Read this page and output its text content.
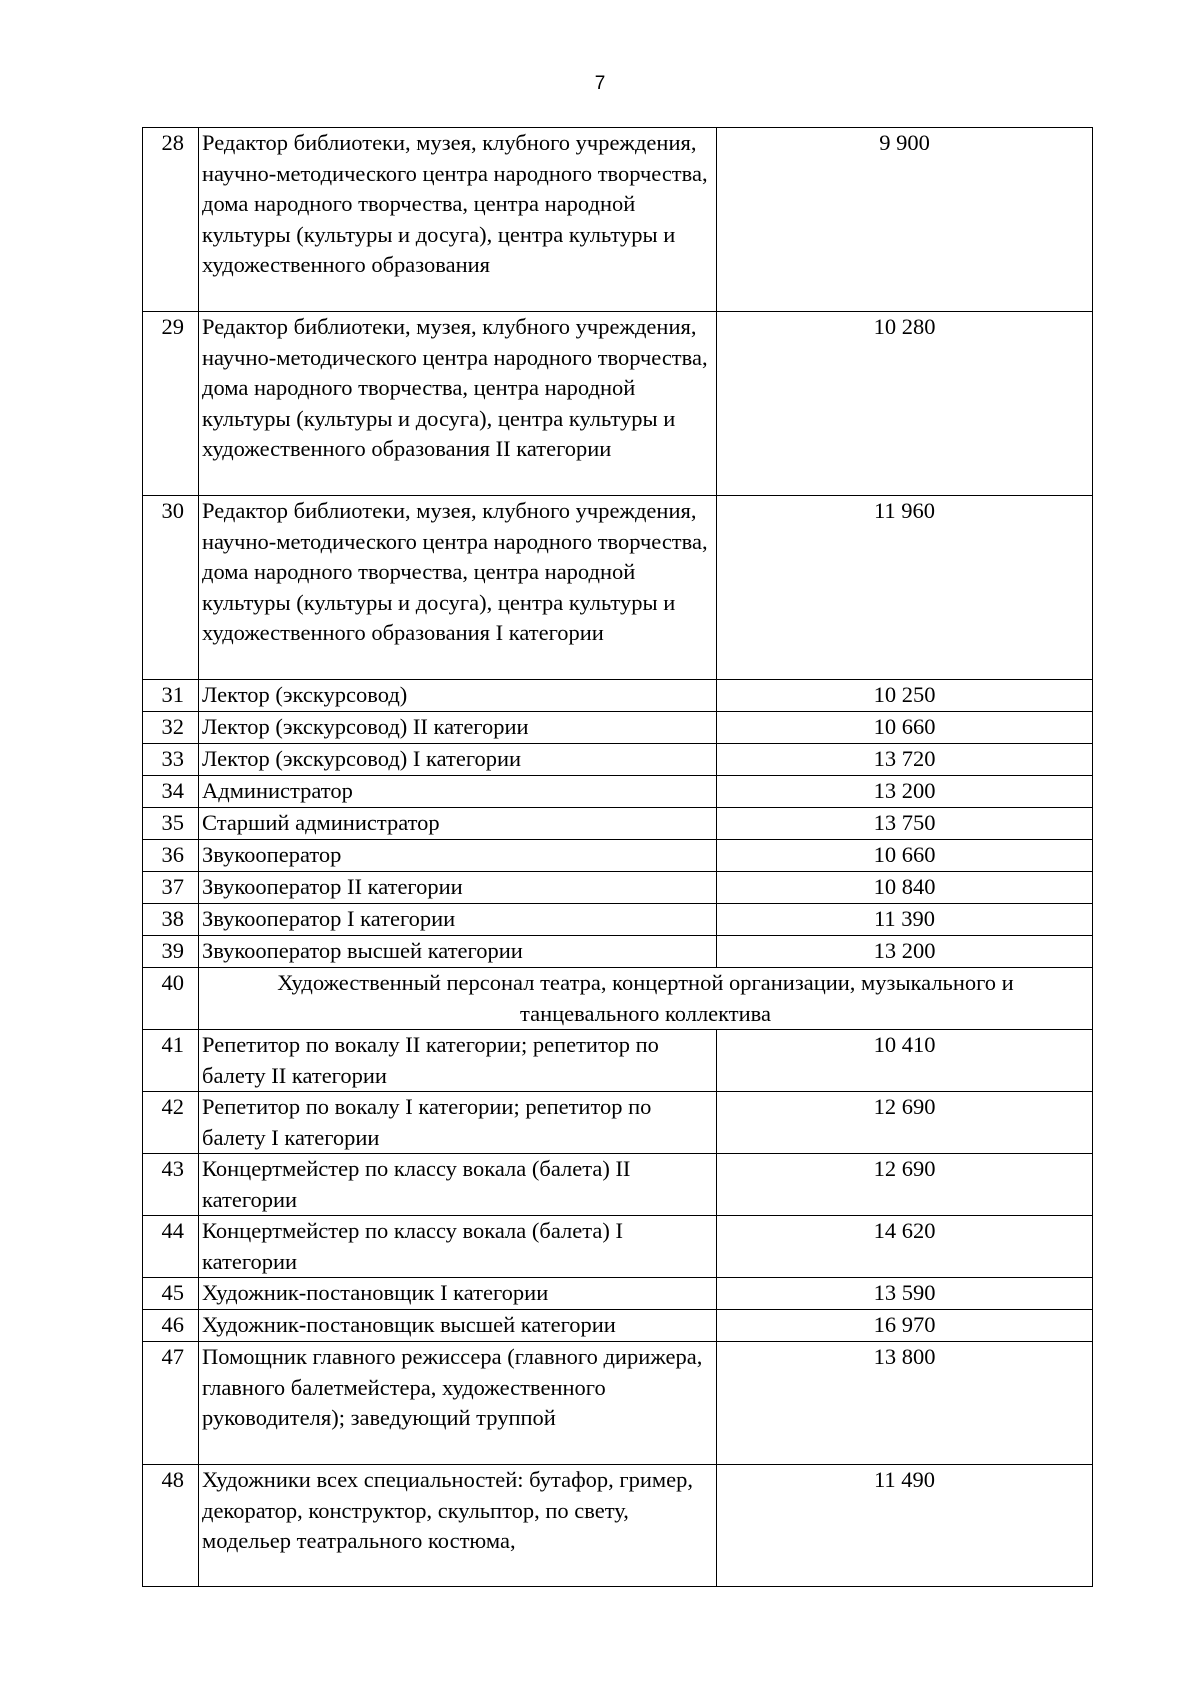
7
28	Редактор библиотеки, музея, клубного учреждения, научно-методического центра народного творчества, дома народного творчества, центра народной культуры (культуры и досуга), центра культуры и художественного образования	9 900
29	Редактор библиотеки, музея, клубного учреждения, научно-методического центра народного творчества, дома народного творчества, центра народной культуры (культуры и досуга), центра культуры и художественного образования II категории	10 280
30	Редактор библиотеки, музея, клубного учреждения, научно-методического центра народного творчества, дома народного творчества, центра народной культуры (культуры и досуга), центра культуры и художественного образования I категории	11 960
31	Лектор (экскурсовод)	10 250
32	Лектор (экскурсовод) II категории	10 660
33	Лектор (экскурсовод) I категории	13 720
34	Администратор	13 200
35	Старший администратор	13 750
36	Звукооператор	10 660
37	Звукооператор II категории	10 840
38	Звукооператор I категории	11 390
39	Звукооператор высшей категории	13 200
40	Художественный персонал театра, концертной организации, музыкального и танцевального коллектива	
41	Репетитор по вокалу II категории; репетитор по балету II категории	10 410
42	Репетитор по вокалу I категории; репетитор по балету I категории	12 690
43	Концертмейстер по классу вокала (балета) II категории	12 690
44	Концертмейстер по классу вокала (балета) I категории	14 620
45	Художник-постановщик I категории	13 590
46	Художник-постановщик высшей категории	16 970
47	Помощник главного режиссера (главного дирижера, главного балетмейстера, художественного руководителя); заведующий труппой	13 800
48	Художники всех специальностей: бутафор, гример, декоратор, конструктор, скульптор, по свету, модельер театрального костюма,	11 490
